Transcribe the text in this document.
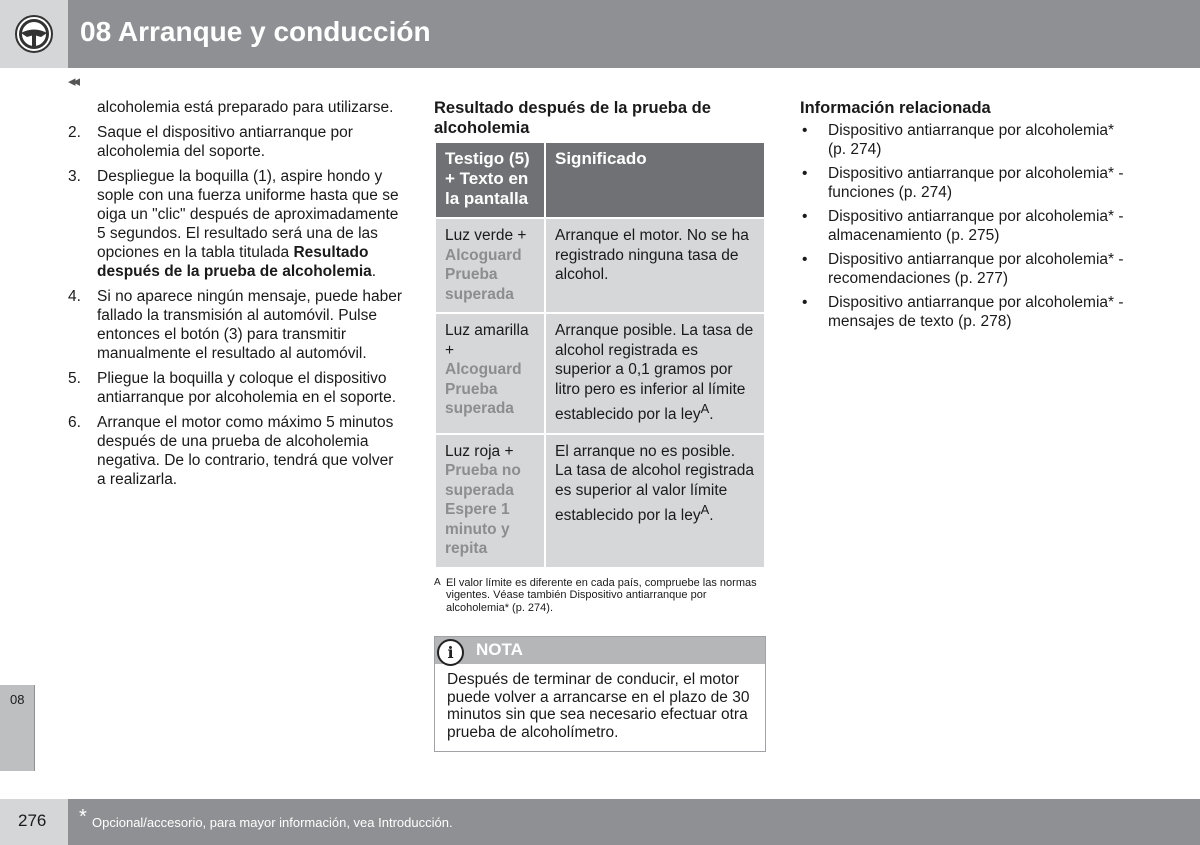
08 Arranque y conducción
◂◂
alcoholemia está preparado para utilizarse.
2. Saque el dispositivo antiarranque por alcoholemia del soporte.
3. Despliegue la boquilla (1), aspire hondo y sople con una fuerza uniforme hasta que se oiga un "clic" después de aproximadamente 5 segundos. El resultado será una de las opciones en la tabla titulada Resultado después de la prueba de alcoholemia.
4. Si no aparece ningún mensaje, puede haber fallado la transmisión al automóvil. Pulse entonces el botón (3) para transmitir manualmente el resultado al automóvil.
5. Pliegue la boquilla y coloque el dispositivo antiarranque por alcoholemia en el soporte.
6. Arranque el motor como máximo 5 minutos después de una prueba de alcoholemia negativa. De lo contrario, tendrá que volver a realizarla.
Resultado después de la prueba de alcoholemia
Testigo (5) + Texto en la pantalla	Significado
Luz verde + Alcoguard Prueba superada	Arranque el motor. No se ha registrado ninguna tasa de alcohol.
Luz amarilla + Alcoguard Prueba superada	Arranque posible. La tasa de alcohol registrada es superior a 0,1 gramos por litro pero es inferior al límite establecido por la ley$^A$.
Luz roja + Prueba no superada Espere 1 minuto y repita	El arranque no es posible. La tasa de alcohol registrada es superior al valor límite establecido por la ley$^A$.
A El valor límite es diferente en cada país, compruebe las normas vigentes. Véase también Dispositivo antiarranque por alcoholemia* (p. 274).
i	NOTA
Después de terminar de conducir, el motor puede volver a arrancarse en el plazo de 30 minutos sin que sea necesario efectuar otra prueba de alcoholímetro.
Información relacionada
• Dispositivo antiarranque por alcoholemia* (p. 274)
• Dispositivo antiarranque por alcoholemia* - funciones (p. 274)
• Dispositivo antiarranque por alcoholemia* - almacenamiento (p. 275)
• Dispositivo antiarranque por alcoholemia* - recomendaciones (p. 277)
• Dispositivo antiarranque por alcoholemia* - mensajes de texto (p. 278)
08
276 * Opcional/accesorio, para mayor información, vea Introducción.
